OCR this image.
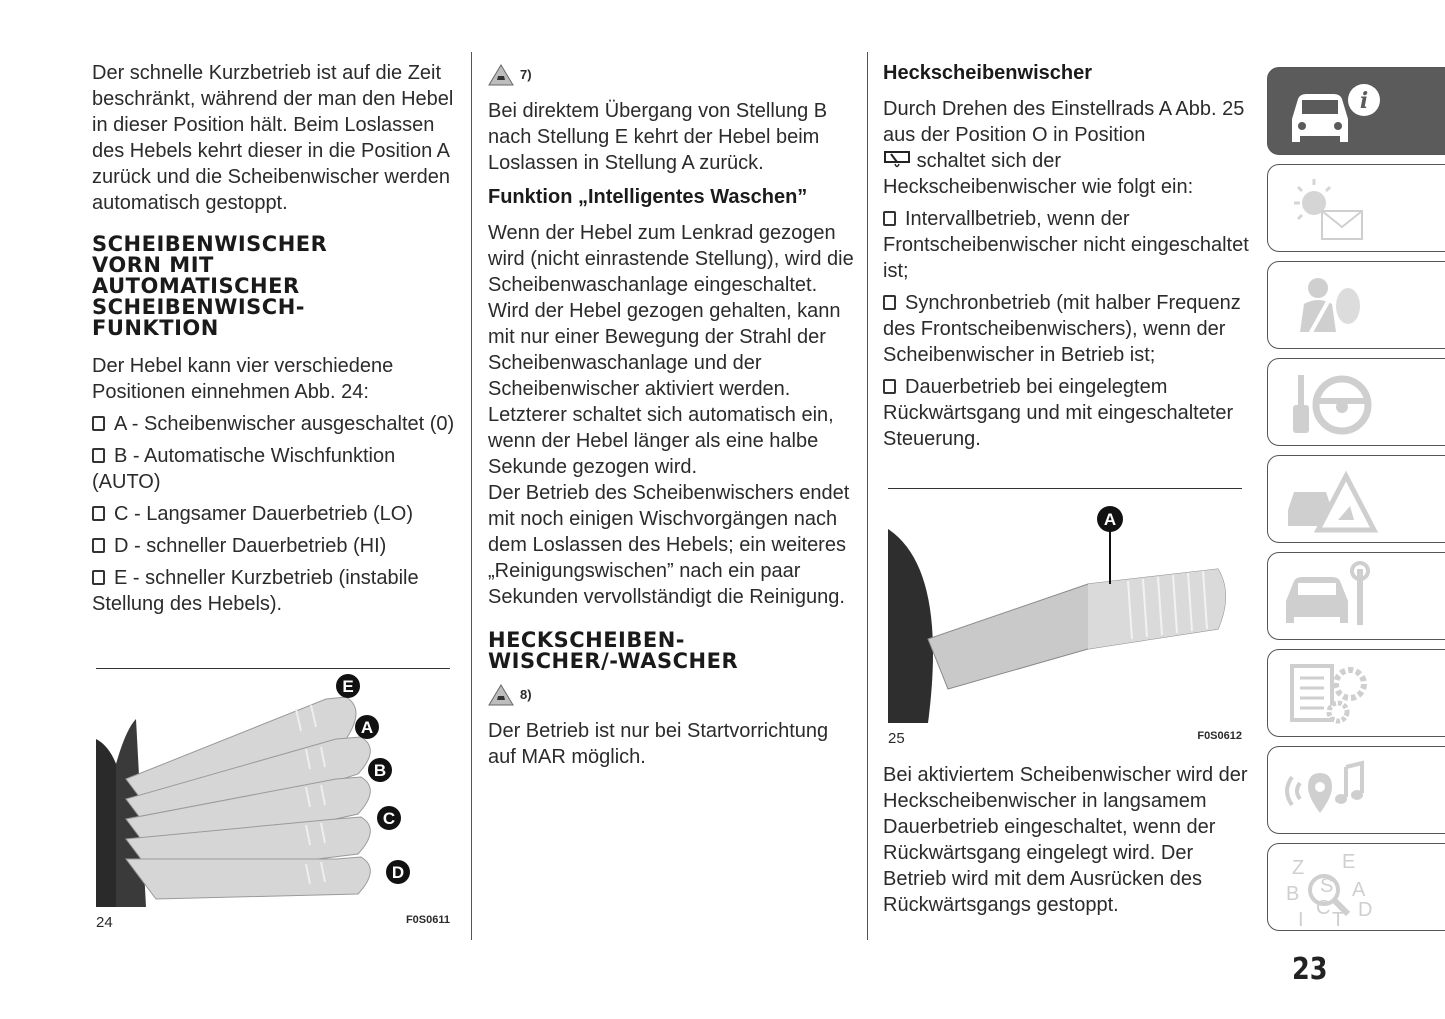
Der schnelle Kurzbetrieb ist auf die Zeit beschränkt, während der man den Hebel in dieser Position hält. Beim Loslassen des Hebels kehrt dieser in die Position A zurück und die Scheibenwischer werden automatisch gestoppt.

SCHEIBENWISCHER VORN MIT AUTOMATISCHER SCHEIBENWISCH-FUNKTION

Der Hebel kann vier verschiedene Positionen einnehmen Abb. 24:

A - Scheibenwischer ausgeschaltet (0)
B - Automatische Wischfunktion (AUTO)
C - Langsamer Dauerbetrieb (LO)
D - schneller Dauerbetrieb (HI)
E - schneller Kurzbetrieb (instabile Stellung des Hebels).
E
A
B
C
D
24	F0S0611
7)

Bei direktem Übergang von Stellung B nach Stellung E kehrt der Hebel beim Loslassen in Stellung A zurück.

Funktion „Intelligentes Waschen”

Wenn der Hebel zum Lenkrad gezogen wird (nicht einrastende Stellung), wird die Scheibenwaschanlage eingeschaltet.

Wird der Hebel gezogen gehalten, kann mit nur einer Bewegung der Strahl der Scheibenwaschanlage und der Scheibenwischer aktiviert werden.

Letzterer schaltet sich automatisch ein, wenn der Hebel länger als eine halbe Sekunde gezogen wird.

Der Betrieb des Scheibenwischers endet mit noch einigen Wischvorgängen nach dem Loslassen des Hebels; ein weiteres „Reinigungswischen” nach ein paar Sekunden vervollständigt die Reinigung.

HECKSCHEIBEN-WISCHER/-WASCHER
8)

Der Betrieb ist nur bei Startvorrichtung auf MAR möglich.

Heckscheibenwischer

Durch Drehen des Einstellrads A Abb. 25 aus der Position O in Position
schaltet sich der Heckscheibenwischer wie folgt ein:

Intervallbetrieb, wenn der Frontscheibenwischer nicht eingeschaltet ist;
Synchronbetrieb (mit halber Frequenz des Frontscheibenwischers), wenn der Scheibenwischer in Betrieb ist;
Dauerbetrieb bei eingelegtem Rückwärtsgang und mit eingeschalteter Steuerung.
A
25	F0S0612

Bei aktiviertem Scheibenwischer wird der Heckscheibenwischer in langsamem Dauerbetrieb eingeschaltet, wenn der Rückwärtsgang eingelegt wird. Der Betrieb wird mit dem Ausrücken des Rückwärtsgangs gestoppt.

i
Z E
S A
B
C
T D
I
23
